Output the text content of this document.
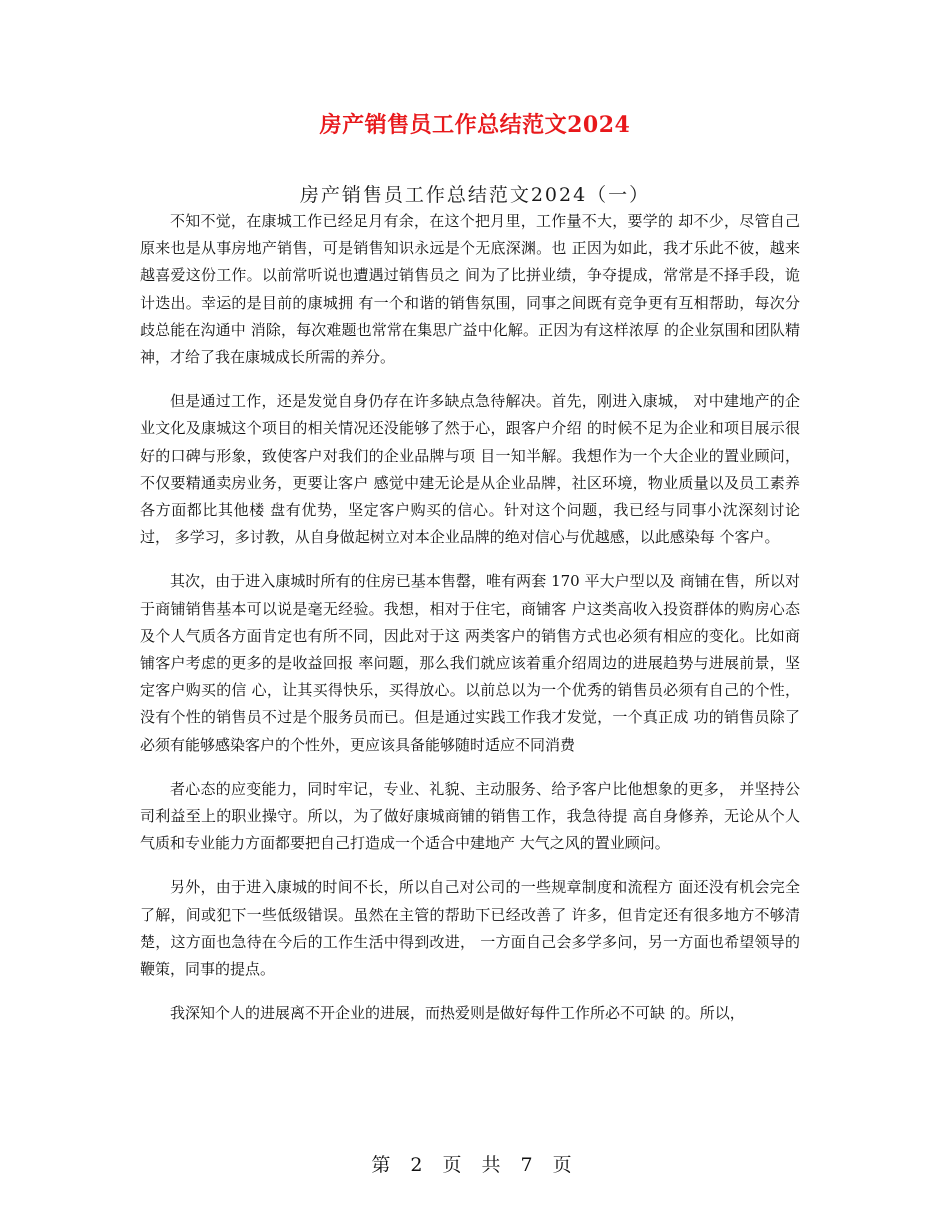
房产销售员工作总结范文2024
房产销售员工作总结范文2024（一）

不知不觉，在康城工作已经足月有余，在这个把月里，工作量不大，要学的 却不少，尽管自己原来也是从事房地产销售，可是销售知识永远是个无底深渊。也 正因为如此，我才乐此不彼，越来越喜爱这份工作。以前常听说也遭遇过销售员之 间为了比拼业绩，争夺提成，常常是不择手段，诡计迭出。幸运的是目前的康城拥 有一个和谐的销售氛围，同事之间既有竞争更有互相帮助，每次分歧总能在沟通中 消除，每次难题也常常在集思广益中化解。正因为有这样浓厚 的企业氛围和团队精神，才给了我在康城成长所需的养分。

但是通过工作，还是发觉自身仍存在许多缺点急待解决。首先，刚进入康城， 对中建地产的企业文化及康城这个项目的相关情况还没能够了然于心，跟客户介绍 的时候不足为企业和项目展示很好的口碑与形象，致使客户对我们的企业品牌与项 目一知半解。我想作为一个大企业的置业顾问，不仅要精通卖房业务，更要让客户 感觉中建无论是从企业品牌，社区环境，物业质量以及员工素养各方面都比其他楼 盘有优势，坚定客户购买的信心。针对这个问题，我已经与同事小沈深刻讨论过， 多学习，多讨教，从自身做起树立对本企业品牌的绝对信心与优越感，以此感染每 个客户。

其次，由于进入康城时所有的住房已基本售罄，唯有两套 170 平大户型以及 商铺在售，所以对于商铺销售基本可以说是毫无经验。我想，相对于住宅，商铺客 户这类高收入投资群体的购房心态及个人气质各方面肯定也有所不同，因此对于这 两类客户的销售方式也必须有相应的变化。比如商铺客户考虑的更多的是收益回报 率问题，那么我们就应该着重介绍周边的进展趋势与进展前景，坚定客户购买的信 心，让其买得快乐，买得放心。以前总以为一个优秀的销售员必须有自己的个性， 没有个性的销售员不过是个服务员而已。但是通过实践工作我才发觉，一个真正成 功的销售员除了必须有能够感染客户的个性外，更应该具备能够随时适应不同消费

者心态的应变能力，同时牢记，专业、礼貌、主动服务、给予客户比他想象的更多， 并坚持公司利益至上的职业操守。所以，为了做好康城商铺的销售工作，我急待提 高自身修养，无论从个人气质和专业能力方面都要把自己打造成一个适合中建地产 大气之风的置业顾问。

另外，由于进入康城的时间不长，所以自己对公司的一些规章制度和流程方 面还没有机会完全了解，间或犯下一些低级错误。虽然在主管的帮助下已经改善了 许多，但肯定还有很多地方不够清楚，这方面也急待在今后的工作生活中得到改进， 一方面自己会多学多问，另一方面也希望领导的鞭策，同事的提点。

我深知个人的进展离不开企业的进展，而热爱则是做好每件工作所必不可缺 的。所以，

第 2 页 共 7 页
